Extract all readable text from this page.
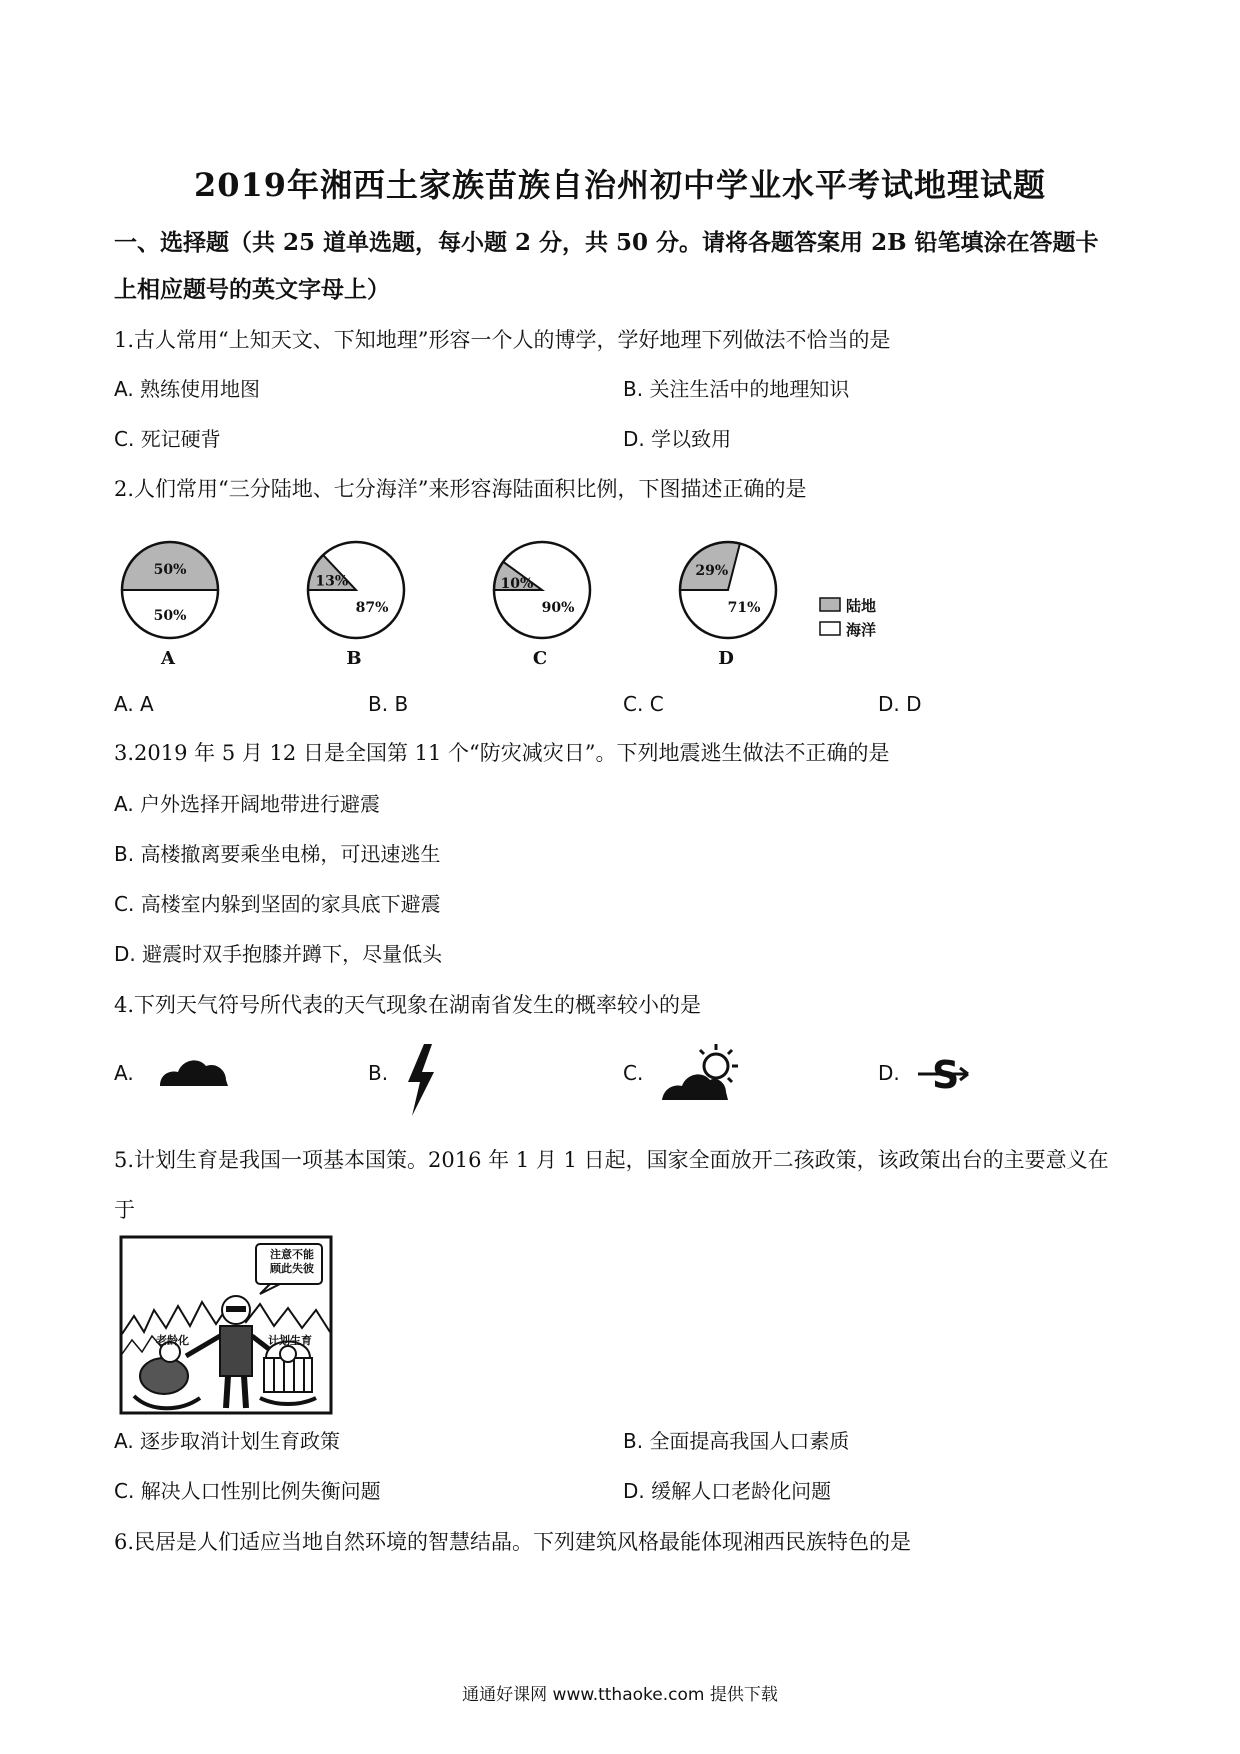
2019年湘西土家族苗族自治州初中学业水平考试地理试题
一、选择题（共 25 道单选题，每小题 2 分，共 50 分。请将各题答案用 2B 铅笔填涂在答题卡
上相应题号的英文字母上）
1.古人常用“上知天文、下知地理”形容一个人的博学，学好地理下列做法不恰当的是
A. 熟练使用地图	B. 关注生活中的地理知识
C. 死记硬背	D. 学以致用
2.人们常用“三分陆地、七分海洋”来形容海陆面积比例，下图描述正确的是
50%
50%
A
13%
87%
B
10%
90%
C
29%
71%
D
陆地
海洋
A. A	B. B	C. C	D. D
3.2019 年 5 月 12 日是全国第 11 个“防灾减灾日”。下列地震逃生做法不正确的是
A. 户外选择开阔地带进行避震
B. 高楼撤离要乘坐电梯，可迅速逃生
C. 高楼室内躲到坚固的家具底下避震
D. 避震时双手抱膝并蹲下，尽量低头
4.下列天气符号所代表的天气现象在湖南省发生的概率较小的是
A.	B.	C.	D. S
5.计划生育是我国一项基本国策。2016 年 1 月 1 日起，国家全面放开二孩政策，该政策出台的主要意义在
于
注意不能
顾此失彼
老龄化	计划生育
A. 逐步取消计划生育政策	B. 全面提高我国人口素质
C. 解决人口性别比例失衡问题	D. 缓解人口老龄化问题
6.民居是人们适应当地自然环境的智慧结晶。下列建筑风格最能体现湘西民族特色的是
通通好课网 www.tthaoke.com 提供下载
